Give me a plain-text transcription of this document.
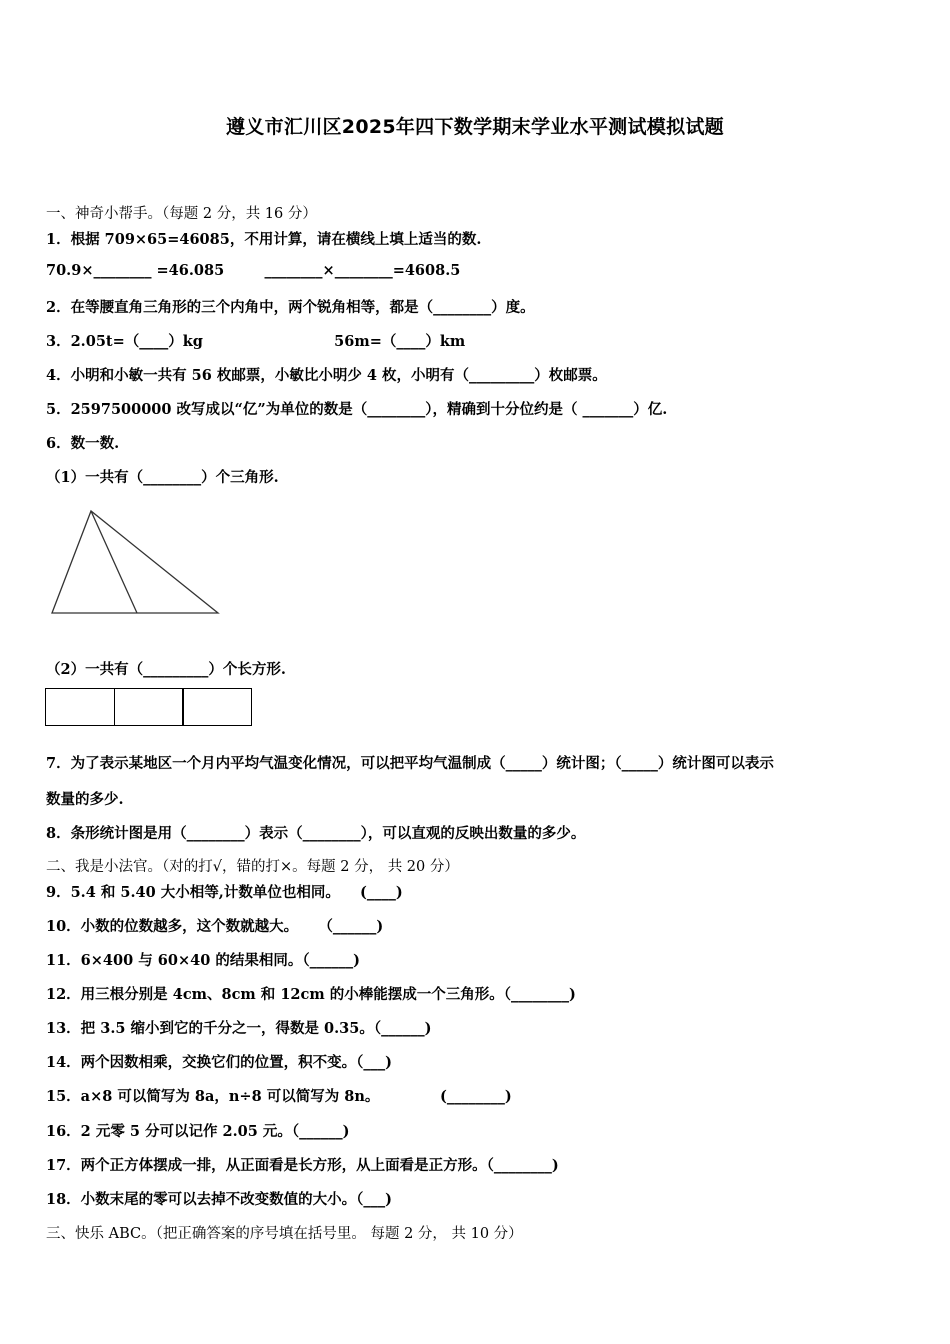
遵义市汇川区2025年四下数学期末学业水平测试模拟试题
一、神奇小帮手。（每题 2 分，共 16 分）
1．根据 709×65=46085，不用计算，请在横线上填上适当的数.
70.9×________ =46.085        ________×________=4608.5
2．在等腰直角三角形的三个内角中，两个锐角相等，都是（________）度。
3．2.05t=（____）kg                          56m=（____）km
4．小明和小敏一共有 56 枚邮票，小敏比小明少 4 枚，小明有（_________）枚邮票。
5．2597500000 改写成以“亿”为单位的数是（________），精确到十分位约是（ _______）亿.
6．数一数.
（1）一共有（________）个三角形.
（2）一共有（_________）个长方形.
7．为了表示某地区一个月内平均气温变化情况，可以把平均气温制成（_____）统计图；（_____）统计图可以表示
数量的多少.
8．条形统计图是用（________）表示（________），可以直观的反映出数量的多少。
二、我是小法官。（对的打√，错的打×。每题 2 分， 共 20 分）
9．5.4 和 5.40 大小相等,计数单位也相同。    (____)
10．小数的位数越多，这个数就越大。    （______)
11．6×400 与 60×40 的结果相同。（______)
12．用三根分别是 4cm、8cm 和 12cm 的小棒能摆成一个三角形。（________)
13．把 3.5 缩小到它的千分之一，得数是 0.35。（______)
14．两个因数相乘，交换它们的位置，积不变。（___)
15．a×8 可以简写为 8a，n÷8 可以简写为 8n。            (________)
16．2 元零 5 分可以记作 2.05 元。（______)
17．两个正方体摆成一排，从正面看是长方形，从上面看是正方形。（________)
18．小数末尾的零可以去掉不改变数值的大小。（___)
三、快乐 ABC。（把正确答案的序号填在括号里。 每题 2 分， 共 10 分）
